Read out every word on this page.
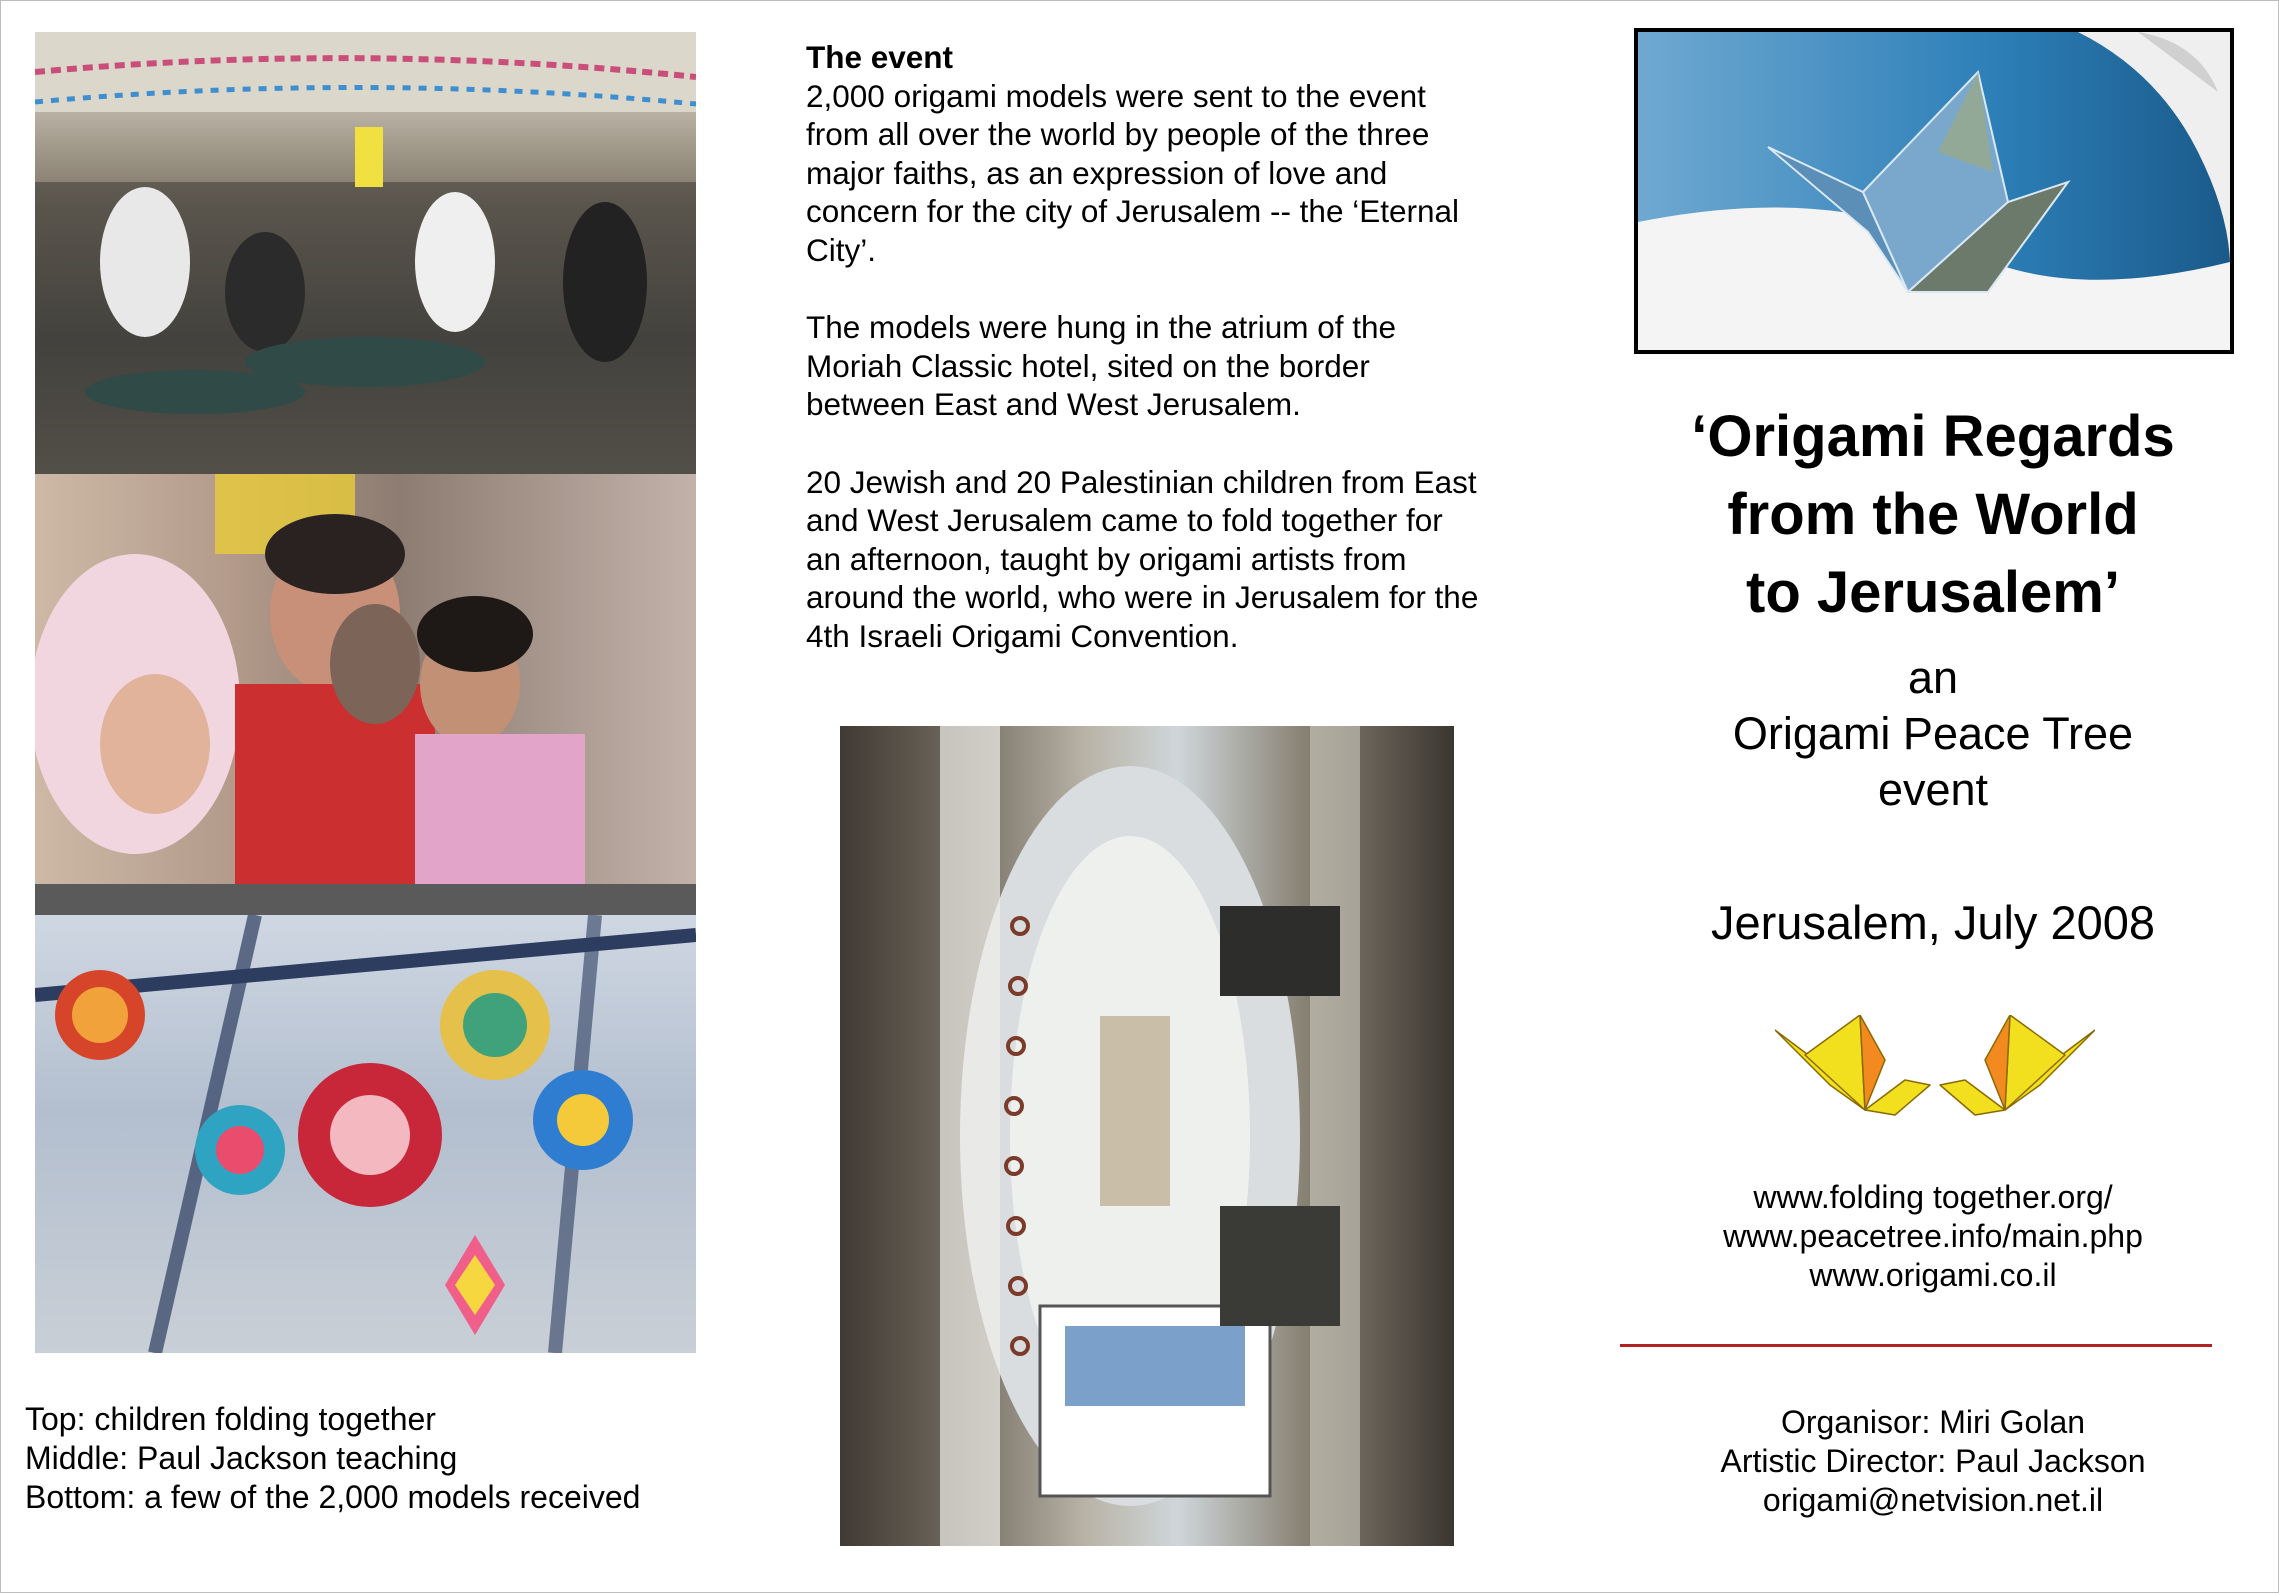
Top: children folding together
Middle: Paul Jackson teaching
Bottom: a few of the 2,000 models received
The event

2,000 origami models were sent to the event from all over the world by people of the three major faiths, as an expression of love and concern for the city of Jerusalem -- the ‘Eternal City’.

The models were hung in the atrium of the Moriah Classic hotel, sited on the border between East and West Jerusalem.

20 Jewish and 20 Palestinian children from East and West Jerusalem came to fold together for an afternoon, taught by origami artists from around the world, who were in Jerusalem for the 4th Israeli Origami Convention.

‘Origami Regards
from the World
to Jerusalem’
an
Origami Peace Tree
event
Jerusalem, July 2008
www.folding together.org/
www.peacetree.info/main.php
www.origami.co.il
Organisor: Miri Golan
Artistic Director: Paul Jackson
origami@netvision.net.il
